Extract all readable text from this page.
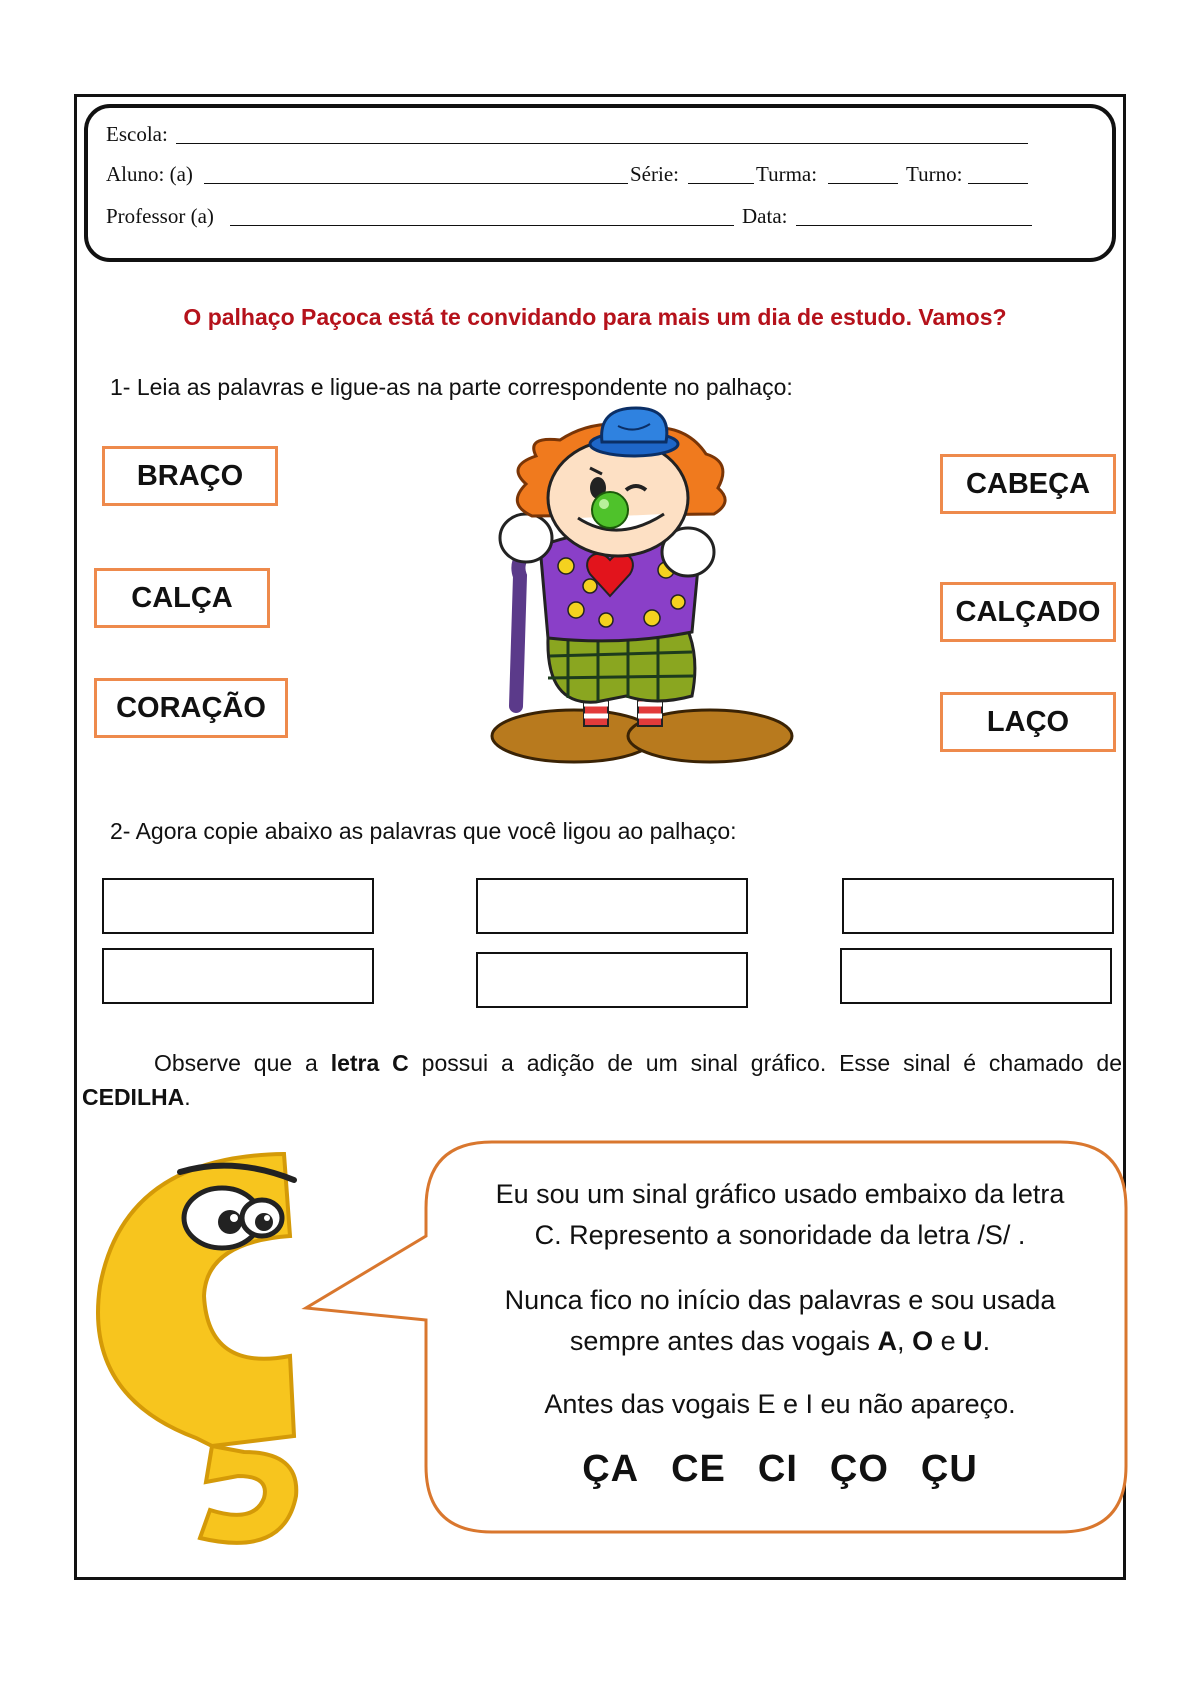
Escola:
Aluno: (a)	Série:	Turma:	Turno:
Professor (a)	Data:
O palhaço Paçoca está te convidando para mais um dia de estudo. Vamos?
1- Leia as palavras e ligue-as na parte correspondente no palhaço:
BRAÇO
CALÇA
CORAÇÃO
CABEÇA
CALÇADO
LAÇO
2- Agora copie abaixo as palavras que você ligou ao palhaço:
Observe que a letra C possui a adição de um sinal gráfico. Esse sinal é chamado de CEDILHA.

Eu sou um sinal gráfico usado embaixo da letra

C. Represento a sonoridade da letra /S/ .

Nunca fico no início das palavras e sou usada

sempre antes das vogais A, O e U.

Antes das vogais E e I eu não apareço.

ÇA CE CI ÇO ÇU
